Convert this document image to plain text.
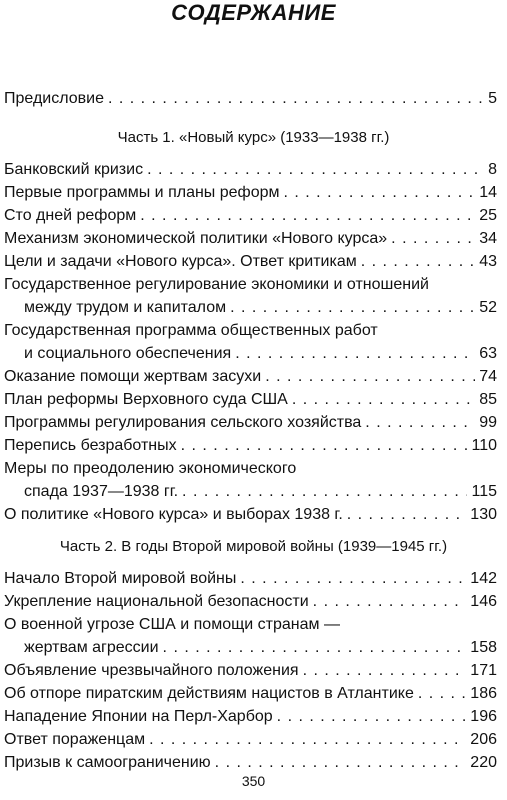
СОДЕРЖАНИЕ
Предисловие . . .	5
Часть 1. «Новый курс» (1933—1938 гг.)
Банковский кризис . . .	8
Первые программы и планы реформ . . .	14
Сто дней реформ . . .	25
Механизм экономической политики «Нового курса» . . .	34
Цели и задачи «Нового курса». Ответ критикам . . .	43
Государственное регулирование экономики и отношений
между трудом и капиталом . . .	52
Государственная программа общественных работ
и социального обеспечения . . .	63
Оказание помощи жертвам засухи . . .	74
План реформы Верховного суда США . . .	85
Программы регулирования сельского хозяйства . . .	99
Перепись безработных . . .	110
Меры по преодолению экономического
спада 1937—1938 гг. . . .	115
О политике «Нового курса» и выборах 1938 г. . . .	130
Часть 2. В годы Второй мировой войны (1939—1945 гг.)
Начало Второй мировой войны . . .	142
Укрепление национальной безопасности . . .	146
О военной угрозе США и помощи странам —
жертвам агрессии . . .	158
Объявление чрезвычайного положения . . .	171
Об отпоре пиратским действиям нацистов в Атлантике . . .	186
Нападение Японии на Перл-Харбор . . .	196
Ответ пораженцам . . .	206
Призыв к самоограничению . . .	220
350
